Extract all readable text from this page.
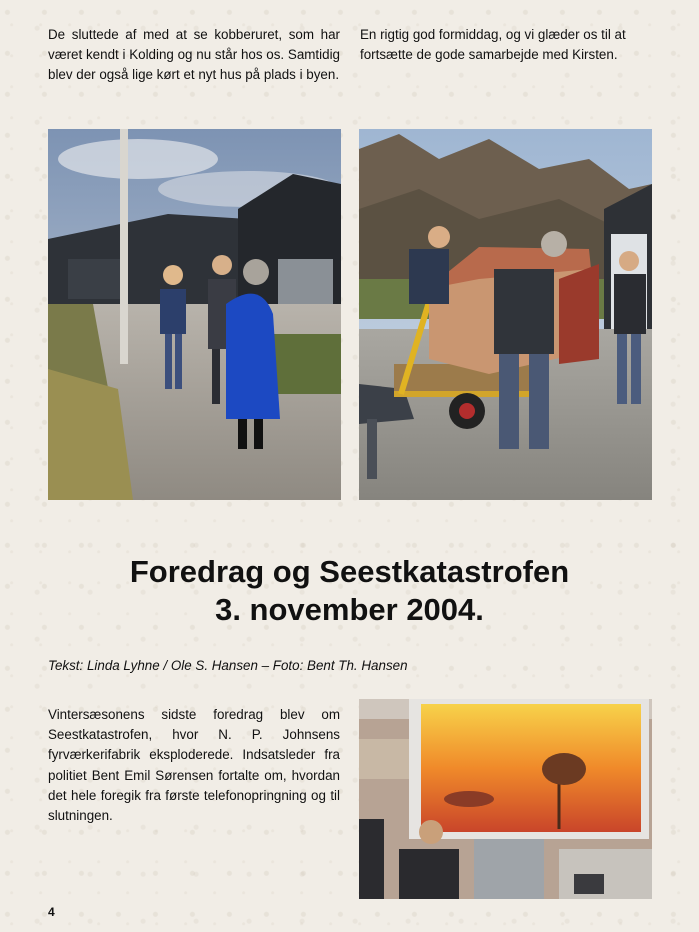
De sluttede af med at se kobberuret, som har været kendt i Kolding og nu står hos os. Samtidig blev der også lige kørt et nyt hus på plads i byen.
En rigtig god formiddag, og vi glæder os til at fortsætte de gode samarbejde med Kirsten.
Foredrag og Seestkatastrofen
3. november 2004.
Tekst: Linda Lyhne / Ole S. Hansen – Foto: Bent Th. Hansen
Vintersæsonens sidste foredrag blev om Seestkatastrofen, hvor N. P. Johnsens fyrværkerifabrik eksploderede. Indsatsleder fra politiet Bent Emil Sørensen fortalte om, hvordan det hele foregik fra første telefonopringning og til slutningen.
4
